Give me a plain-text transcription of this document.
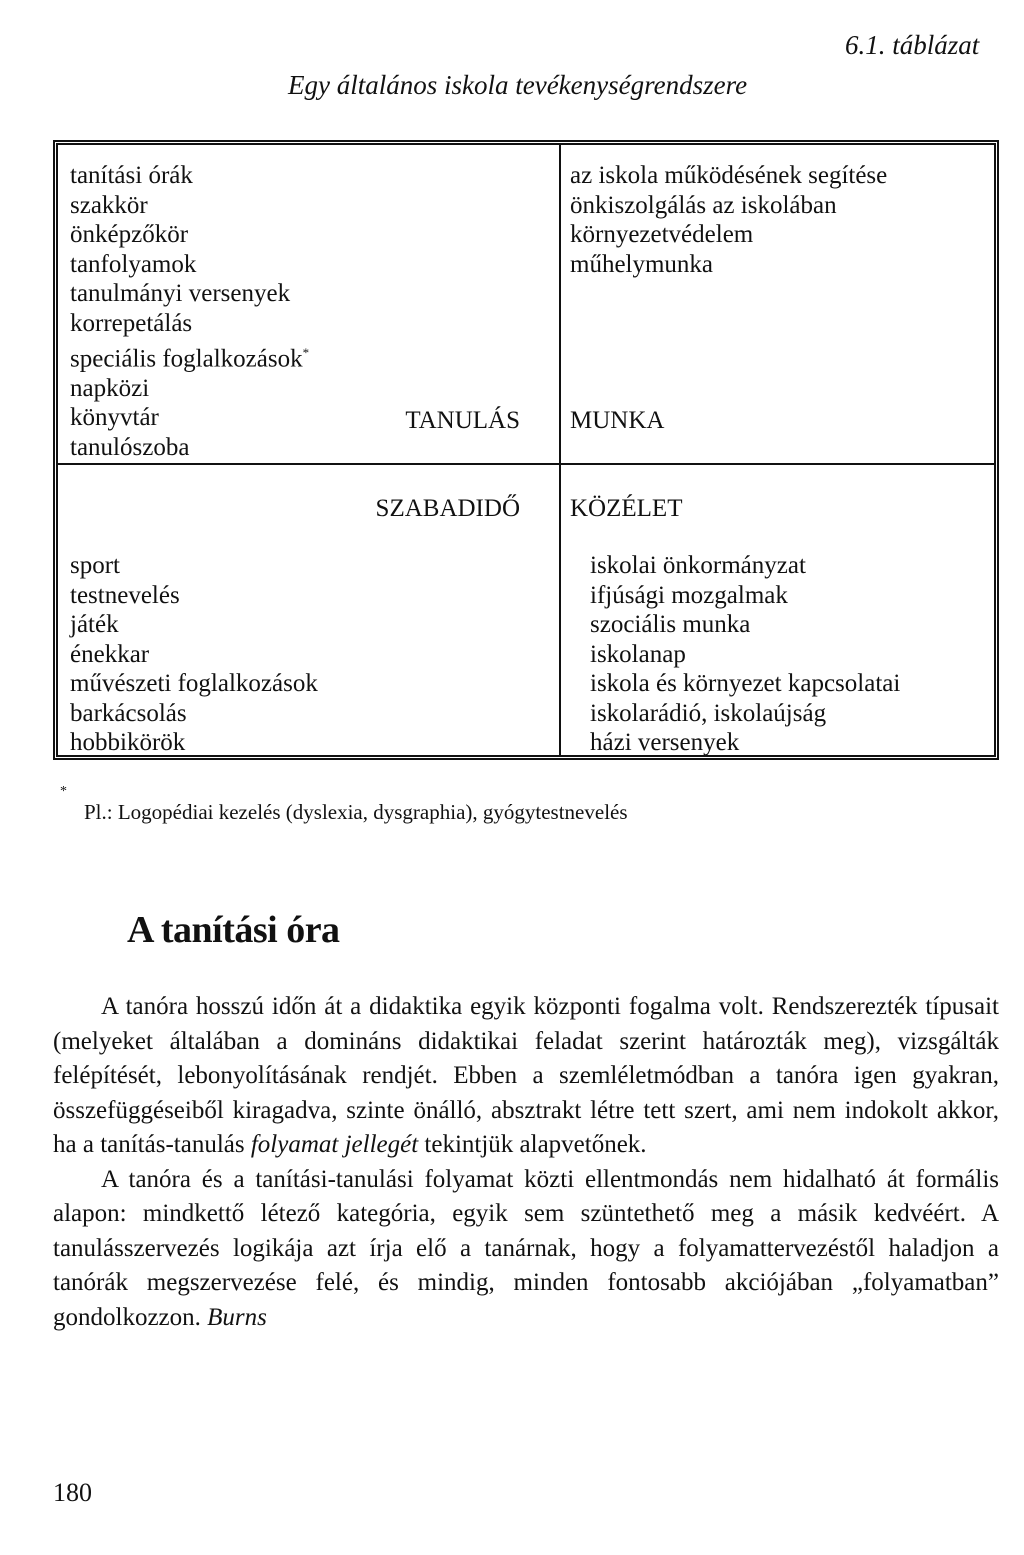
6.1. táblázat
Egy általános iskola tevékenységrendszere
tanítási órák
szakkör
önképzőkör
tanfolyamok
tanulmányi versenyek
korrepetálás
speciális foglalkozások*
napközi
könyvtár
tanulószoba
TANULÁS
az iskola működésének segítése
önkiszolgálás az iskolában
környezetvédelem
műhelymunka
MUNKA
SZABADIDŐ
sport
testnevelés
játék
énekkar
művészeti foglalkozások
barkácsolás
hobbikörök
KÖZÉLET
iskolai önkormányzat
ifjúsági mozgalmak
szociális munka
iskolanap
iskola és környezet kapcsolatai
iskolarádió, iskolaújság
házi versenyek
*
Pl.: Logopédiai kezelés (dyslexia, dysgraphia), gyógytestnevelés
A tanítási óra

A tanóra hosszú időn át a didaktika egyik központi fogalma volt. Rendszerezték típusait (melyeket általában a domináns didaktikai feladat szerint határozták meg), vizsgálták felépítését, lebonyolításának rendjét. Ebben a szemléletmódban a tanóra igen gyakran, összefüggéseiből kiragadva, szinte önálló, absztrakt létre tett szert, ami nem indokolt akkor, ha a tanítás-tanulás folyamat jellegét tekintjük alapvetőnek.

A tanóra és a tanítási-tanulási folyamat közti ellentmondás nem hidalható át formális alapon: mindkettő létező kategória, egyik sem szüntethető meg a másik kedvéért. A tanulásszervezés logikája azt írja elő a tanárnak, hogy a folyamattervezéstől haladjon a tanórák megszervezése felé, és mindig, minden fontosabb akciójában „folyamatban” gondolkozzon. Burns

180
